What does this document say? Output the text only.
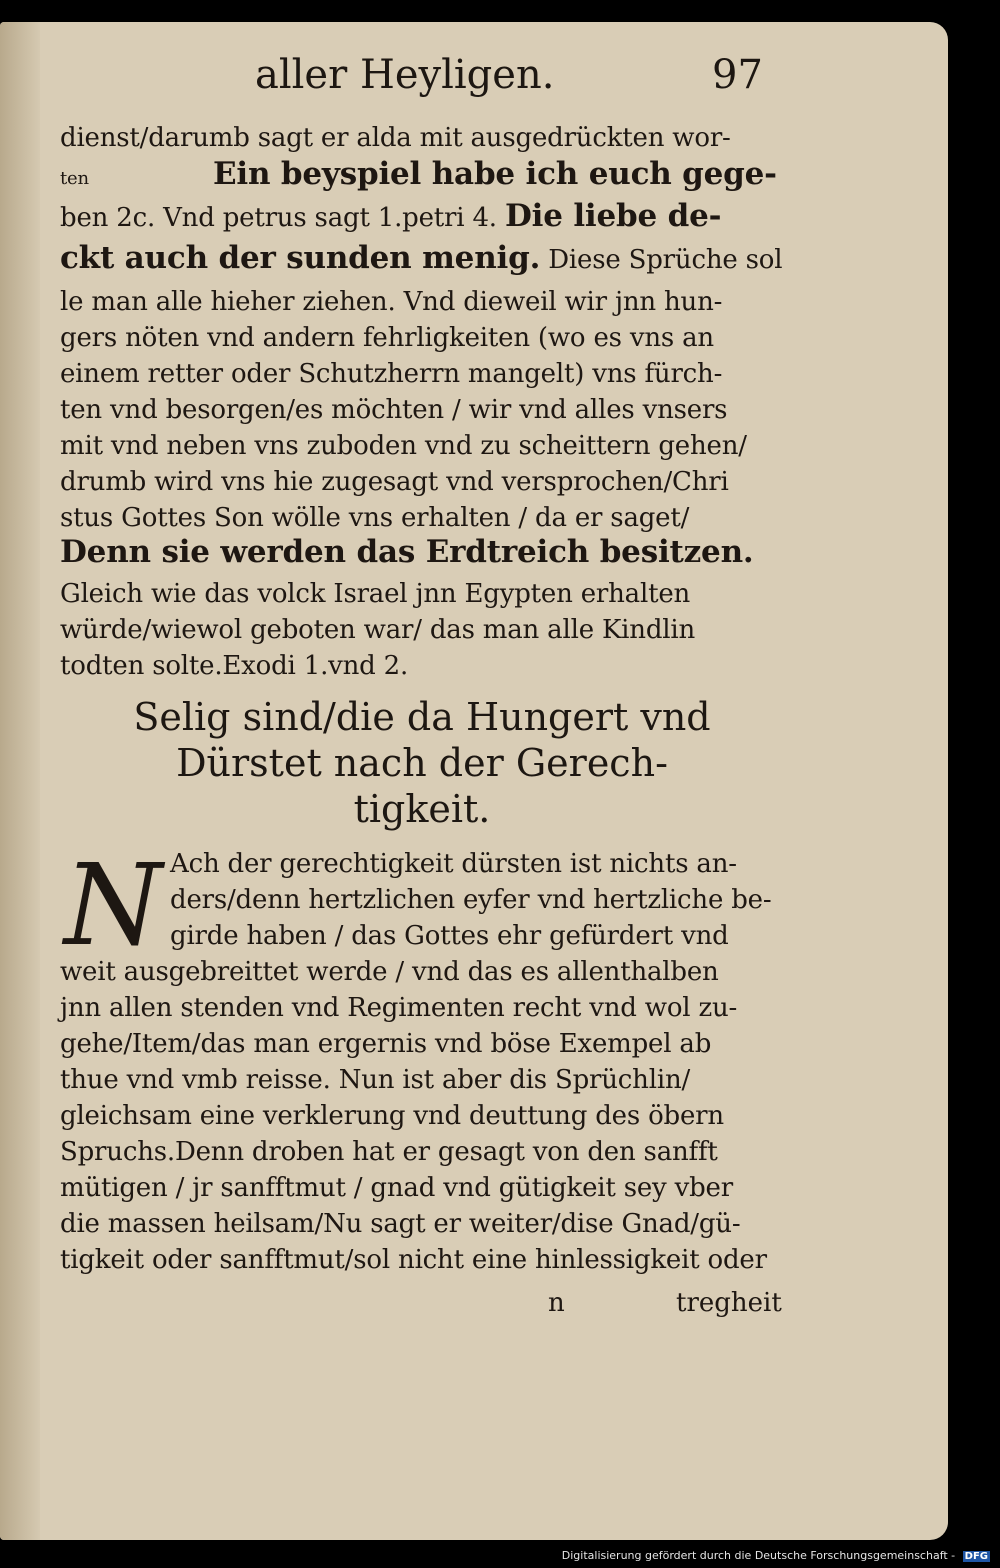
aller Heyligen.	97
dienst/darumb sagt er alda mit ausgedrückten wor-
ten	Ein beyspiel habe ich euch gege-
ben 2c. Vnd petrus sagt 1.petri 4. Die liebe de-
ckt auch der sunden menig. Diese Sprüche sol
le man alle hieher ziehen. Vnd dieweil wir jnn hun-
gers nöten vnd andern fehrligkeiten (wo es vns an
einem retter oder Schutzherrn mangelt) vns fürch-
ten vnd besorgen/es möchten / wir vnd alles vnsers
mit vnd neben vns zuboden vnd zu scheittern gehen/
drumb wird vns hie zugesagt vnd versprochen/Chri
stus Gottes Son wölle vns erhalten / da er saget/
Denn sie werden das Erdtreich besitzen.
Gleich wie das volck Israel jnn Egypten erhalten
würde/wiewol geboten war/ das man alle Kindlin
todten solte.Exodi 1.vnd 2.
Selig sind/die da Hungert vnd
Dürstet nach der Gerech-
tigkeit.
N Ach der gerechtigkeit dürsten ist nichts an-
ders/denn hertzlichen eyfer vnd hertzliche be-
girde haben / das Gottes ehr gefürdert vnd
weit ausgebreittet werde / vnd das es allenthalben
jnn allen stenden vnd Regimenten recht vnd wol zu-
gehe/Item/das man ergernis vnd böse Exempel ab
thue vnd vmb reisse. Nun ist aber dis Sprüchlin/
gleichsam eine verklerung vnd deuttung des öbern
Spruchs.Denn droben hat er gesagt von den sanfft
mütigen / jr sanfftmut / gnad vnd gütigkeit sey vber
die massen heilsam/Nu sagt er weiter/dise Gnad/gü-
tigkeit oder sanfftmut/sol nicht eine hinlessigkeit oder
n	tregheit
Digitalisierung gefördert durch die Deutsche Forschungsgemeinschaft - DFG
